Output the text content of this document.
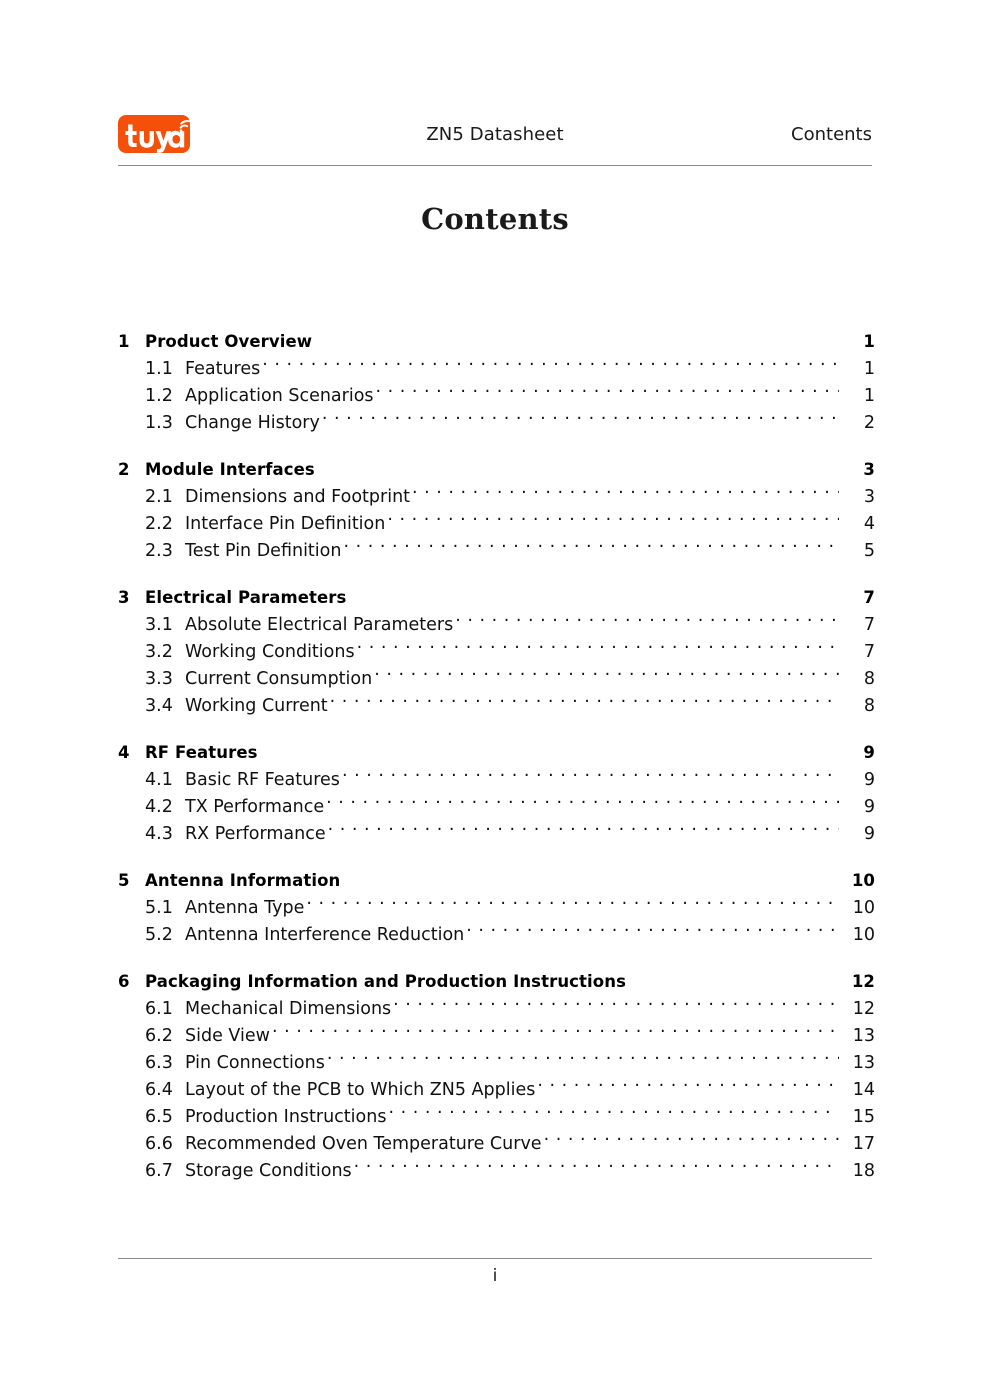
ZN5 Datasheet	Contents
Contents
1 Product Overview	1
1.1 Features . . .	1
1.2 Application Scenarios . . .	1
1.3 Change History . . .	2
2 Module Interfaces	3
2.1 Dimensions and Footprint . . .	3
2.2 Interface Pin Definition . . .	4
2.3 Test Pin Definition . . .	5
3 Electrical Parameters	7
3.1 Absolute Electrical Parameters . . .	7
3.2 Working Conditions . . .	7
3.3 Current Consumption . . .	8
3.4 Working Current . . .	8
4 RF Features	9
4.1 Basic RF Features . . .	9
4.2 TX Performance . . .	9
4.3 RX Performance . . .	9
5 Antenna Information	10
5.1 Antenna Type . . .	10
5.2 Antenna Interference Reduction . . .	10
6 Packaging Information and Production Instructions	12
6.1 Mechanical Dimensions . . .	12
6.2 Side View . . .	13
6.3 Pin Connections . . .	13
6.4 Layout of the PCB to Which ZN5 Applies . . .	14
6.5 Production Instructions . . .	15
6.6 Recommended Oven Temperature Curve . . .	17
6.7 Storage Conditions . . .	18
i
